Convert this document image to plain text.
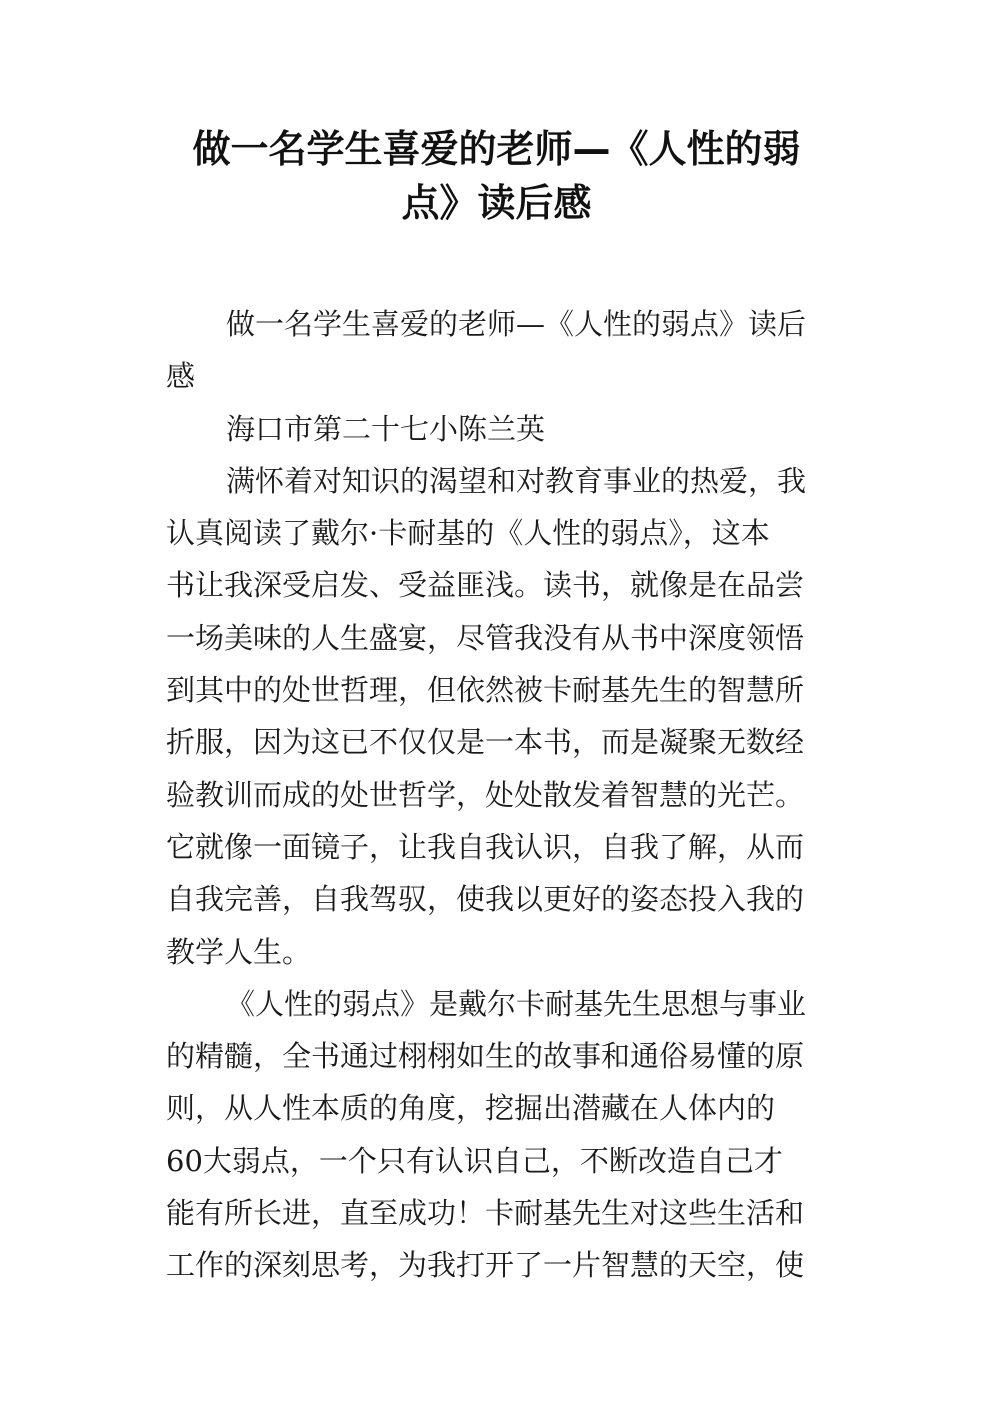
做一名学生喜爱的老师—《人性的弱
点》读后感
做一名学生喜爱的老师—《人性的弱点》读后
感
海口市第二十七小陈兰英
满怀着对知识的渴望和对教育事业的热爱，我
认真阅读了戴尔·卡耐基的《人性的弱点》，这本
书让我深受启发、受益匪浅。读书，就像是在品尝
一场美味的人生盛宴，尽管我没有从书中深度领悟
到其中的处世哲理，但依然被卡耐基先生的智慧所
折服，因为这已不仅仅是一本书，而是凝聚无数经
验教训而成的处世哲学，处处散发着智慧的光芒。
它就像一面镜子，让我自我认识，自我了解，从而
自我完善，自我驾驭，使我以更好的姿态投入我的
教学人生。
《人性的弱点》是戴尔卡耐基先生思想与事业
的精髓，全书通过栩栩如生的故事和通俗易懂的原
则，从人性本质的角度，挖掘出潜藏在人体内的
60大弱点，一个只有认识自己，不断改造自己才
能有所长进，直至成功！卡耐基先生对这些生活和
工作的深刻思考，为我打开了一片智慧的天空，使
